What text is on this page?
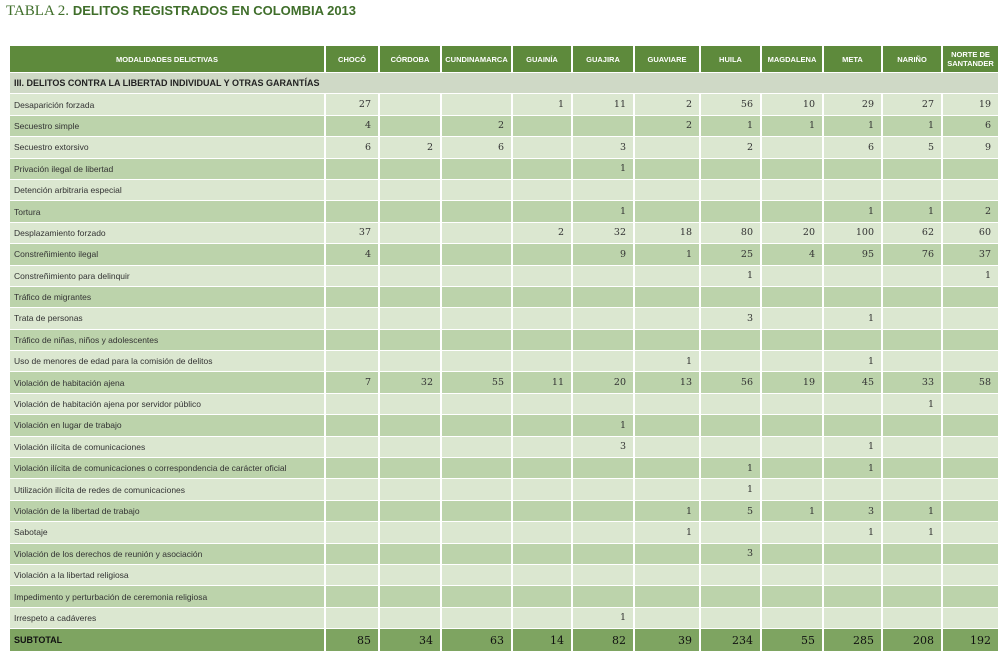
TABLA 2. DELITOS REGISTRADOS EN COLOMBIA 2013
MODALIDADES DELICTIVAS	CHOCÓ	CÓRDOBA	CUNDINAMARCA	GUAINÍA	GUAJIRA	GUAVIARE	HUILA	MAGDALENA	META	NARIÑO	NORTE DE SANTANDER
III. DELITOS CONTRA LA LIBERTAD INDIVIDUAL Y OTRAS GARANTÍAS											
Desaparición forzada	27			1	11	2	56	10	29	27	19
Secuestro simple	4		2			2	1	1	1	1	6
Secuestro extorsivo	6	2	6		3		2		6	5	9
Privación ilegal de libertad					1						
Detención arbitraria especial											
Tortura					1				1	1	2
Desplazamiento forzado	37			2	32	18	80	20	100	62	60
Constreñimiento ilegal	4				9	1	25	4	95	76	37
Constreñimiento para delinquir							1				1
Tráfico de migrantes											
Trata de personas							3		1		
Tráfico de niñas, niños y adolescentes											
Uso de menores de edad para la comisión de delitos						1			1		
Violación de habitación ajena	7	32	55	11	20	13	56	19	45	33	58
Violación de habitación ajena por servidor público										1	
Violación en lugar de trabajo					1						
Violación ilícita de comunicaciones					3				1		
Violación ilícita de comunicaciones o correspondencia de carácter oficial							1		1		
Utilización ilícita de redes de comunicaciones							1				
Violación de la libertad de trabajo						1	5	1	3	1	
Sabotaje						1			1	1	
Violación de los derechos de reunión y asociación							3				
Violación a la libertad religiosa											
Impedimento y perturbación de ceremonia religiosa											
Irrespeto a cadáveres					1						
SUBTOTAL	85	34	63	14	82	39	234	55	285	208	192
